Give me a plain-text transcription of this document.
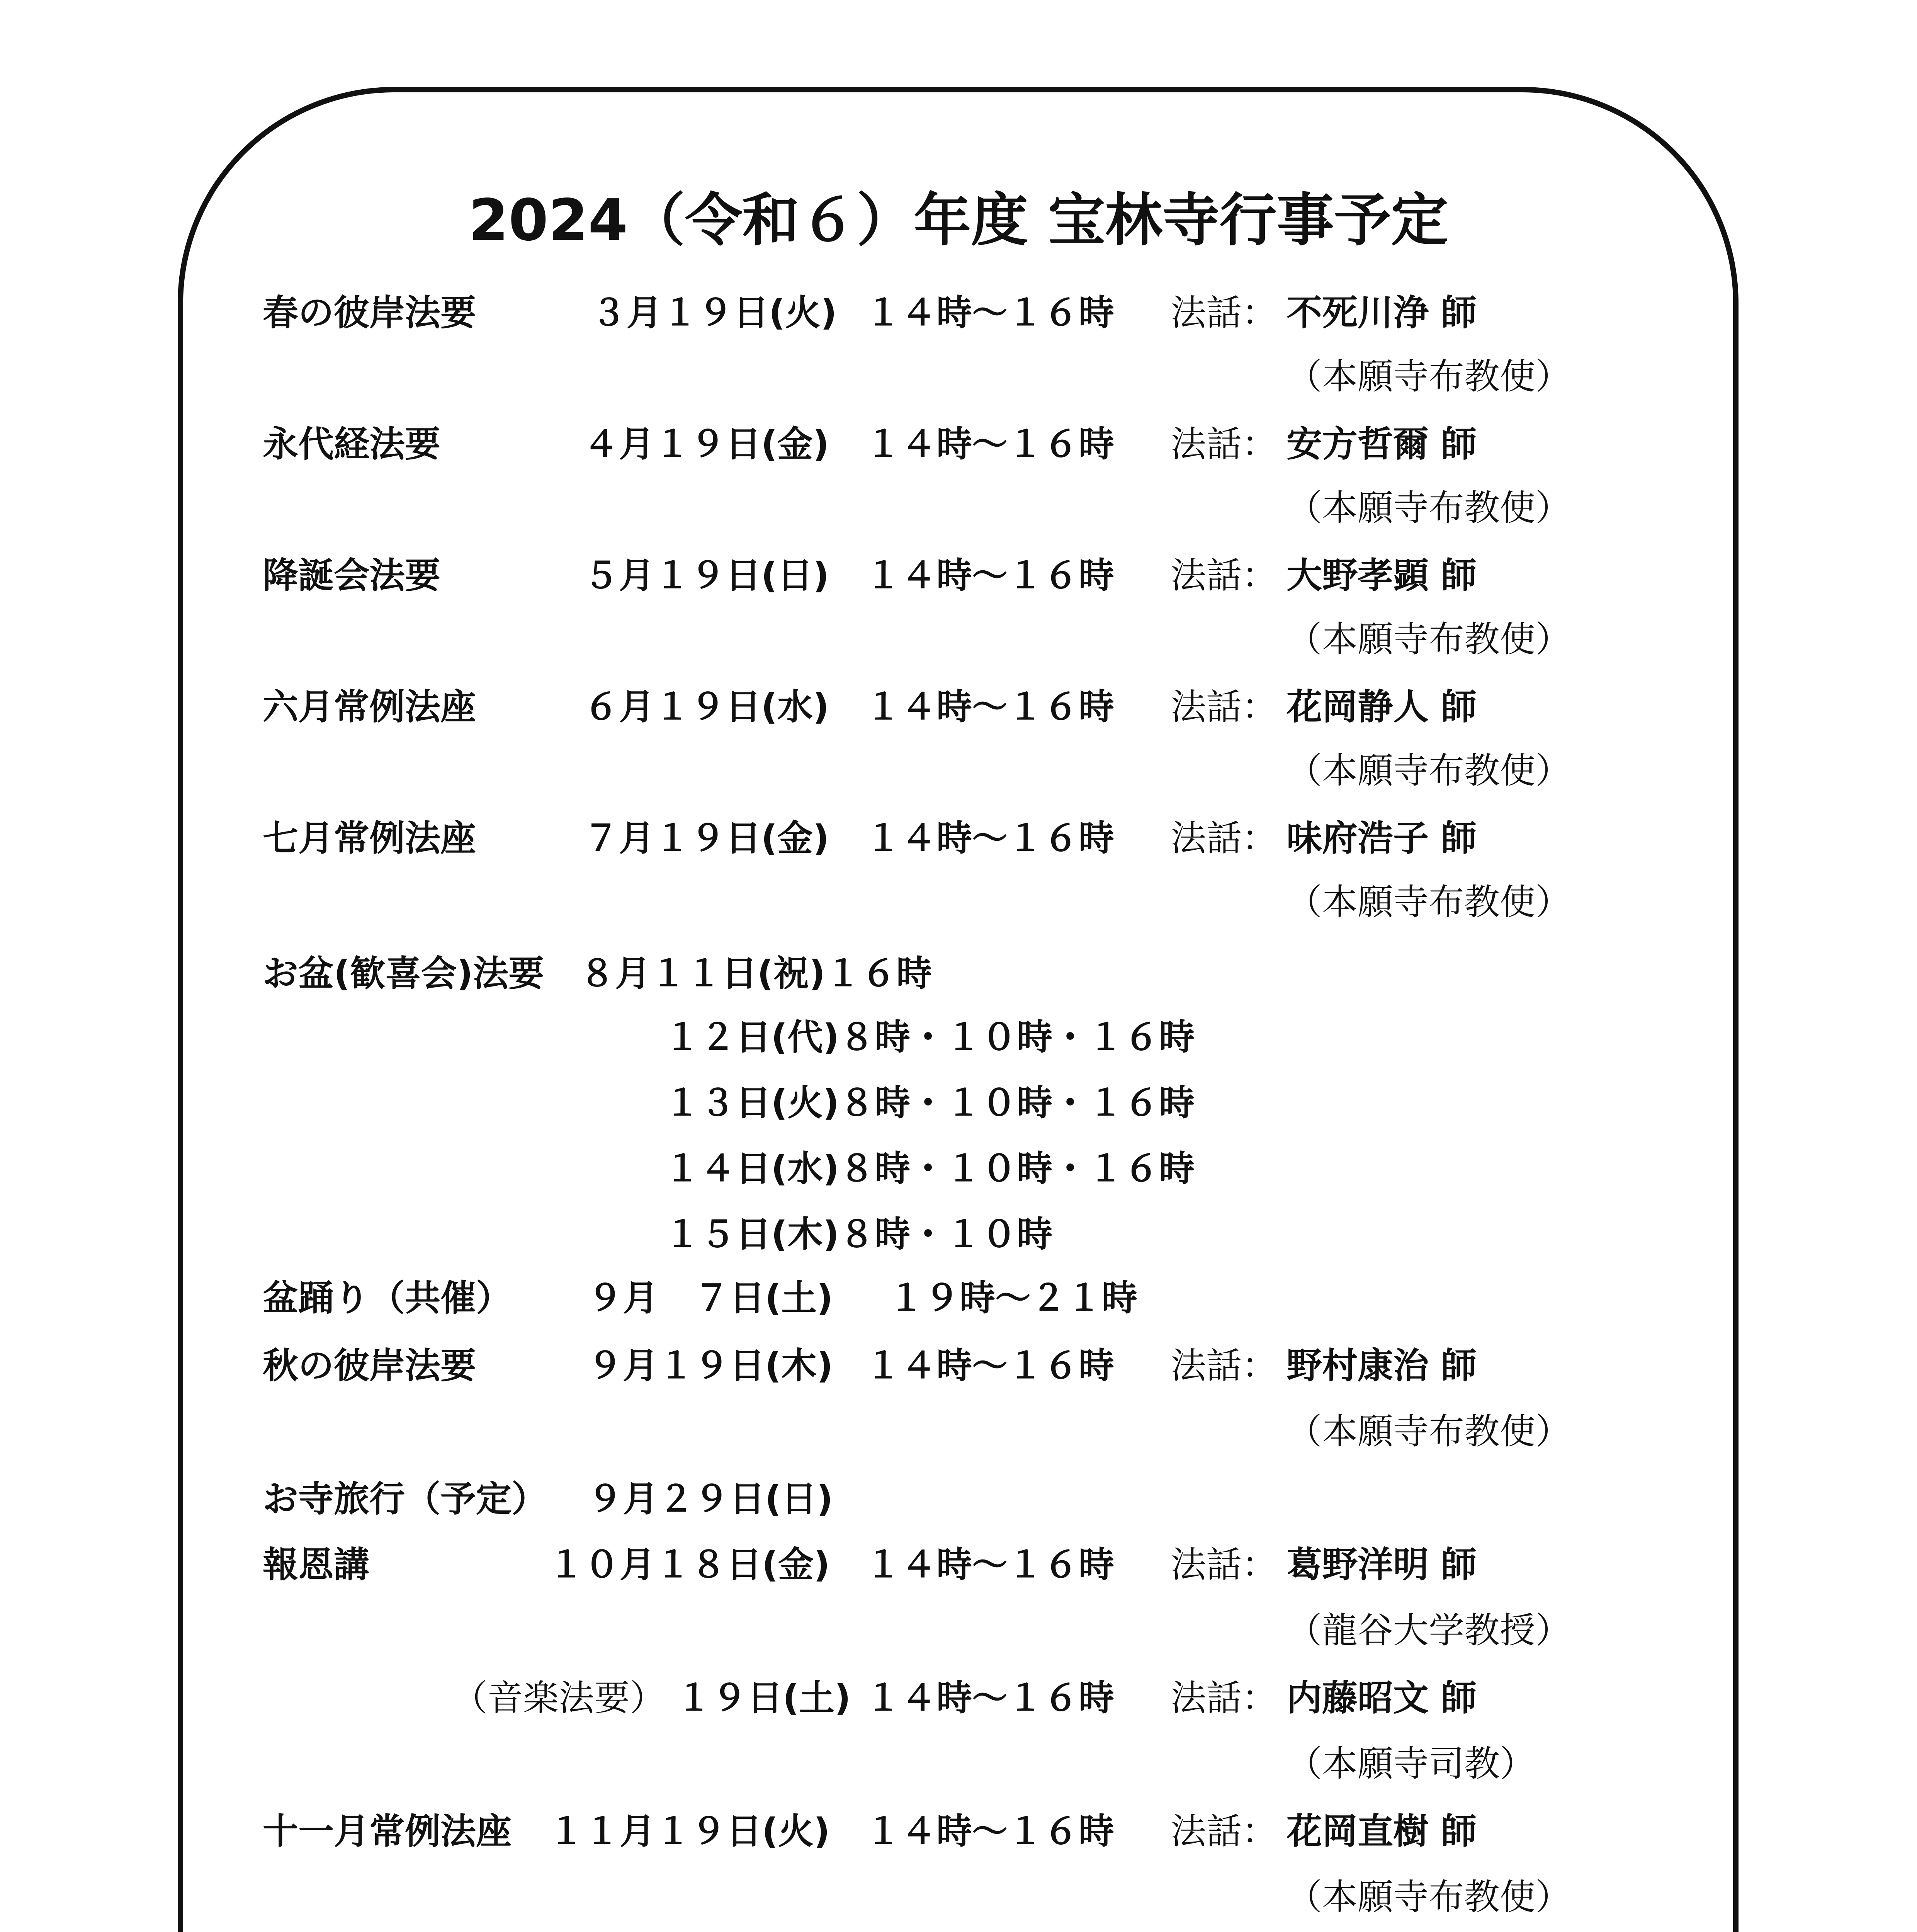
2024（令和６）年度 宝林寺行事予定
春の彼岸法要	３月１９日(火) １４時～１６時 法話： 不死川浄 師
（本願寺布教使）
永代経法要	４月１９日(金) １４時～１６時 法話： 安方哲爾 師
（本願寺布教使）
降誕会法要	５月１９日(日) １４時～１６時 法話： 大野孝顕 師
（本願寺布教使）
六月常例法座	６月１９日(水) １４時～１６時 法話： 花岡静人 師
（本願寺布教使）
七月常例法座	７月１９日(金) １４時～１６時 法話： 味府浩子 師
（本願寺布教使）
お盆(歓喜会)法要 ８月１１日(祝)１６時
１２日(代)８時・１０時・１６時
１３日(火)８時・１０時・１６時
１４日(水)８時・１０時・１６時
１５日(木)８時・１０時
盆踊り（共催） ９月　７日(土) １９時～２１時
秋の彼岸法要	９月１９日(木) １４時～１６時 法話： 野村康治 師
（本願寺布教使）
お寺旅行（予定） ９月２９日(日)
報恩講	１０月１８日(金) １４時～１６時 法話： 葛野洋明 師
（龍谷大学教授）
（音楽法要） １９日(土) １４時～１６時 法話： 内藤昭文 師
（本願寺司教）
十一月常例法座 １１月１９日(火) １４時～１６時 法話： 花岡直樹 師
（本願寺布教使）
